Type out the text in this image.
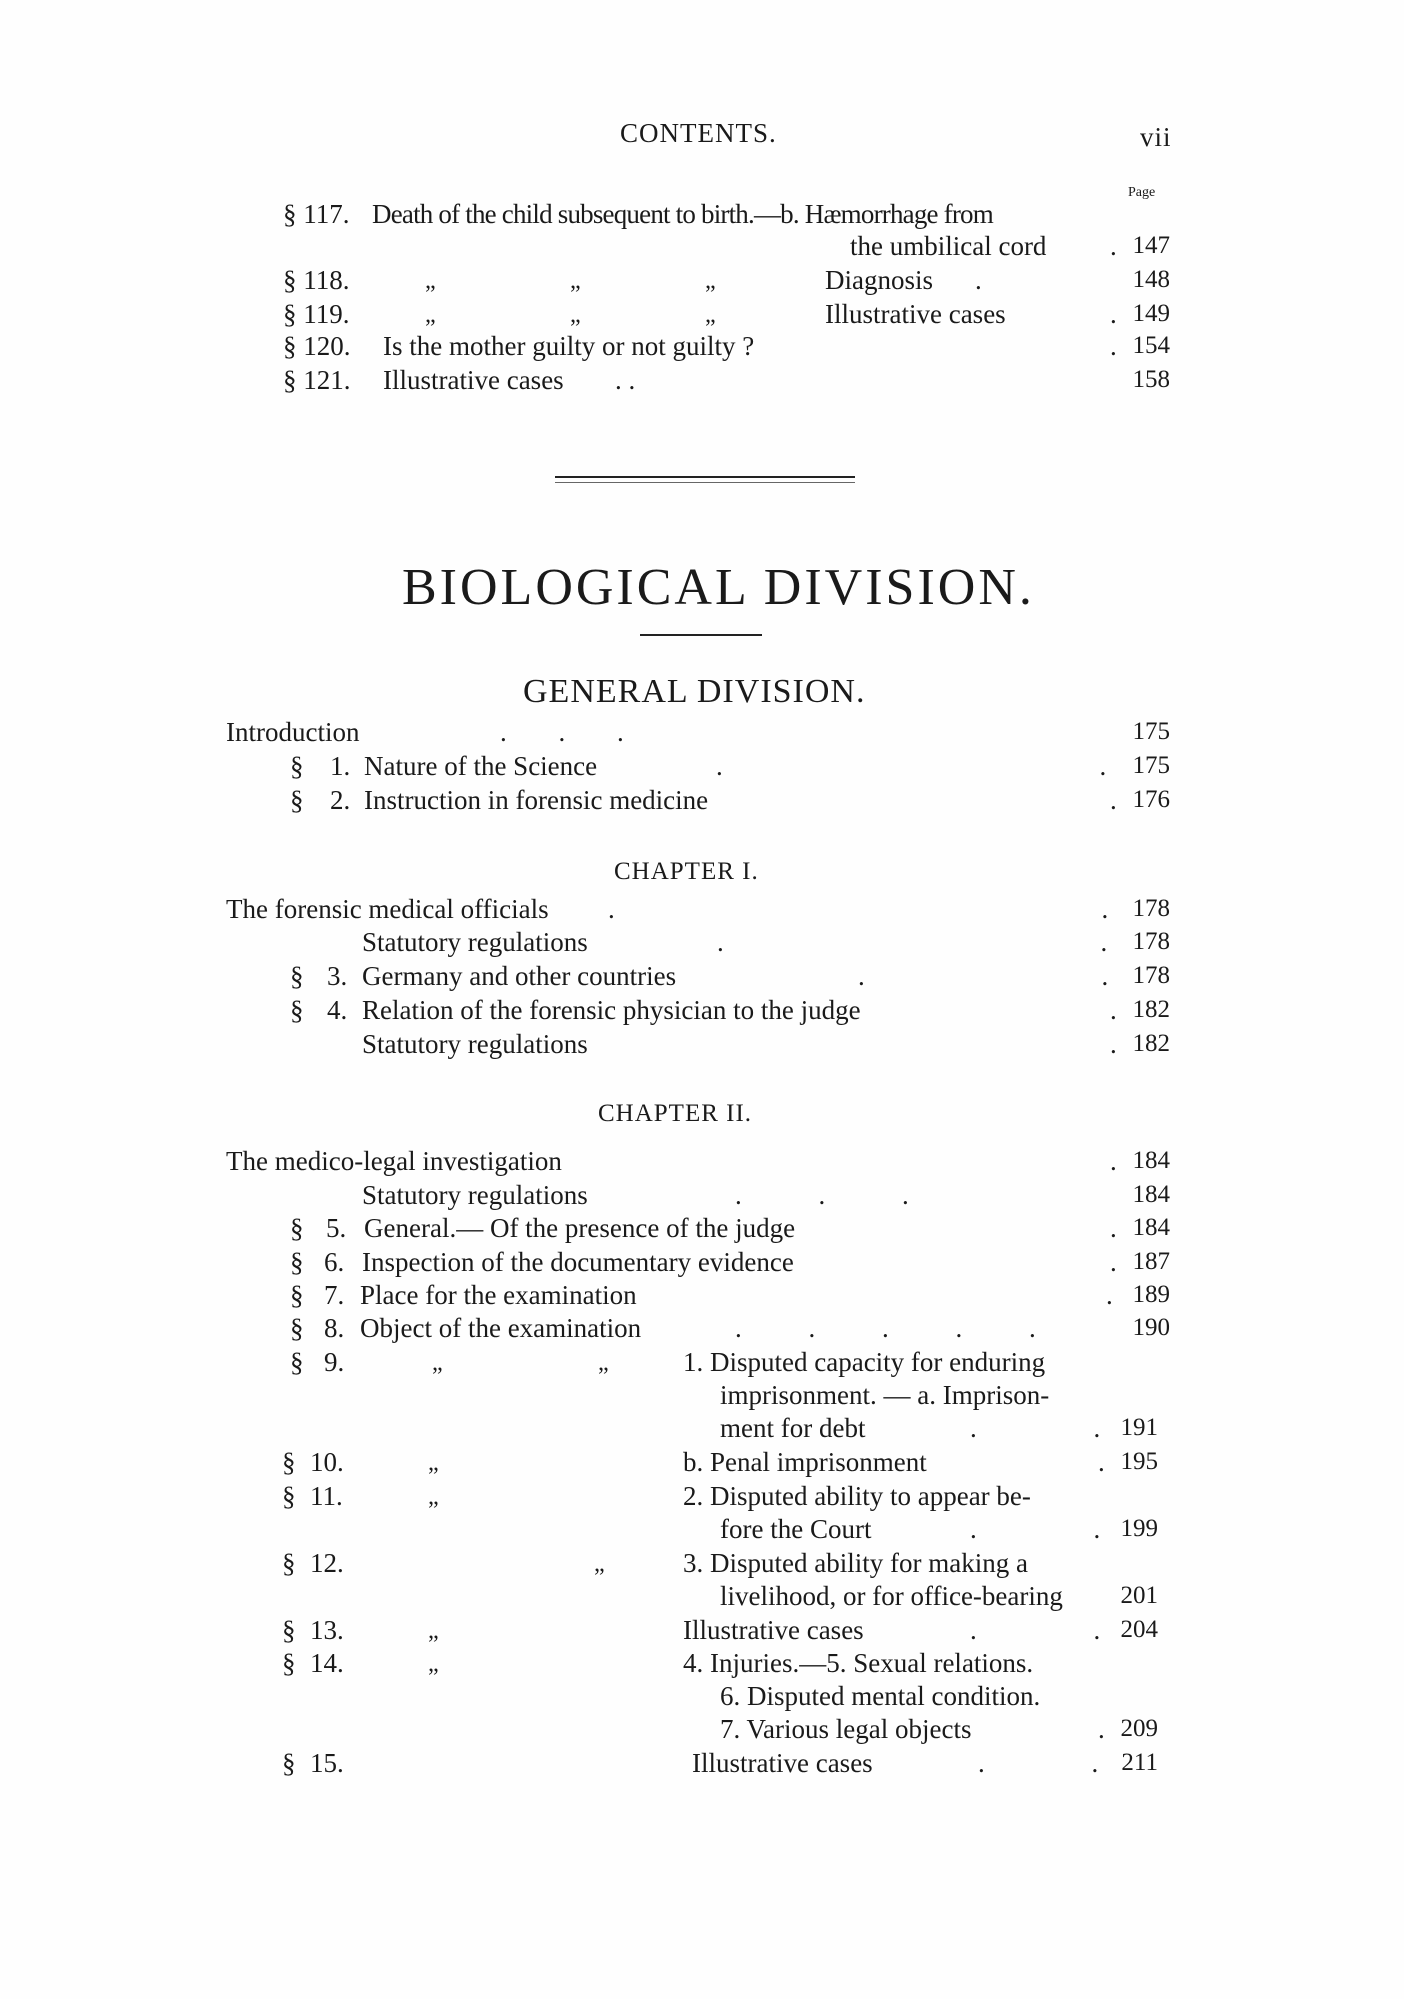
CONTENTS.	vii
Page
§ 117. Death of the child subsequent to birth.—b. Hæmorrhage from
the umbilical cord . 147
§ 118.	„	„	„	Diagnosis .	148
§ 119.	„	„	„	Illustrative cases	. 149
§ 120. Is the mother guilty or not guilty ?	. 154
§ 121. Illustrative cases . .	158
BIOLOGICAL DIVISION.
GENERAL DIVISION.
Introduction	. . .	175
§ 1. Nature of the Science	. .	175
§ 2. Instruction in forensic medicine	. 176
CHAPTER I.
The forensic medical officials . . 178
Statutory regulations	. .	178
§ 3. Germany and other countries	. . 178
§ 4. Relation of the forensic physician to the judge	. 182
Statutory regulations	. 182
CHAPTER II.
The medico-legal investigation	. 184
Statutory regulations	. . .	184
§ 5. General.— Of the presence of the judge	. 184
§ 6. Inspection of the documentary evidence	. 187
§ 7. Place for the examination	. 189
§ 8. Object of the examination	. . . . .	190
§ 9.	„	„	1. Disputed capacity for enduring
imprisonment. — a. Imprison-
ment for debt	. . 191
§ 10.	„	b. Penal imprisonment	. 195
§ 11.	„	2. Disputed ability to appear be-
fore the Court	. . 199
§ 12.	„	3. Disputed ability for making a
livelihood, or for office-bearing	201
§ 13.	„	Illustrative cases	. . 204
§ 14.	„	4. Injuries.—5. Sexual relations.
6. Disputed mental condition.
7. Various legal objects	. 209
§ 15.	Illustrative cases	. . 211
